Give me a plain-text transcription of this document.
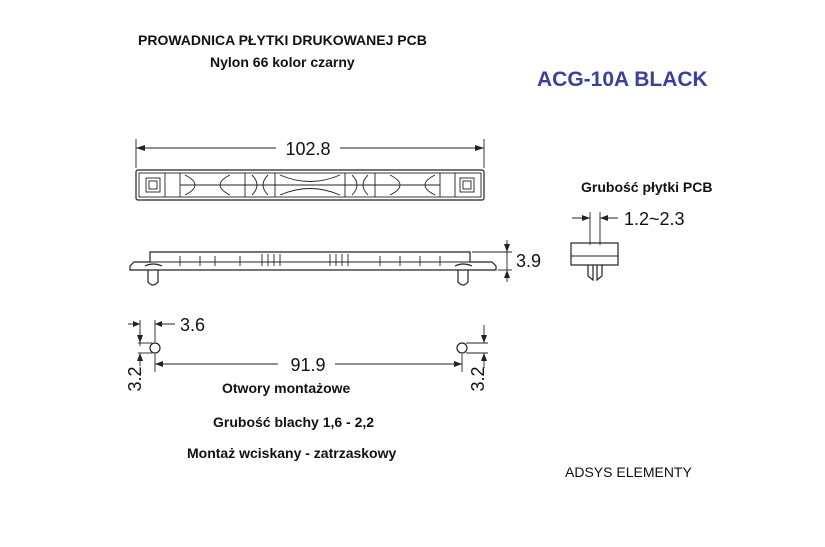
PROWADNICA PŁYTKI DRUKOWANEJ PCB
Nylon 66 kolor czarny
ACG-10A BLACK
Grubość płytki PCB
Otwory montażowe
Grubość blachy 1,6 - 2,2
Montaż wciskany - zatrzaskowy
ADSYS ELEMENTY
102.8
3.9
1.2~2.3
3.6
3.2	3.2
91.9
